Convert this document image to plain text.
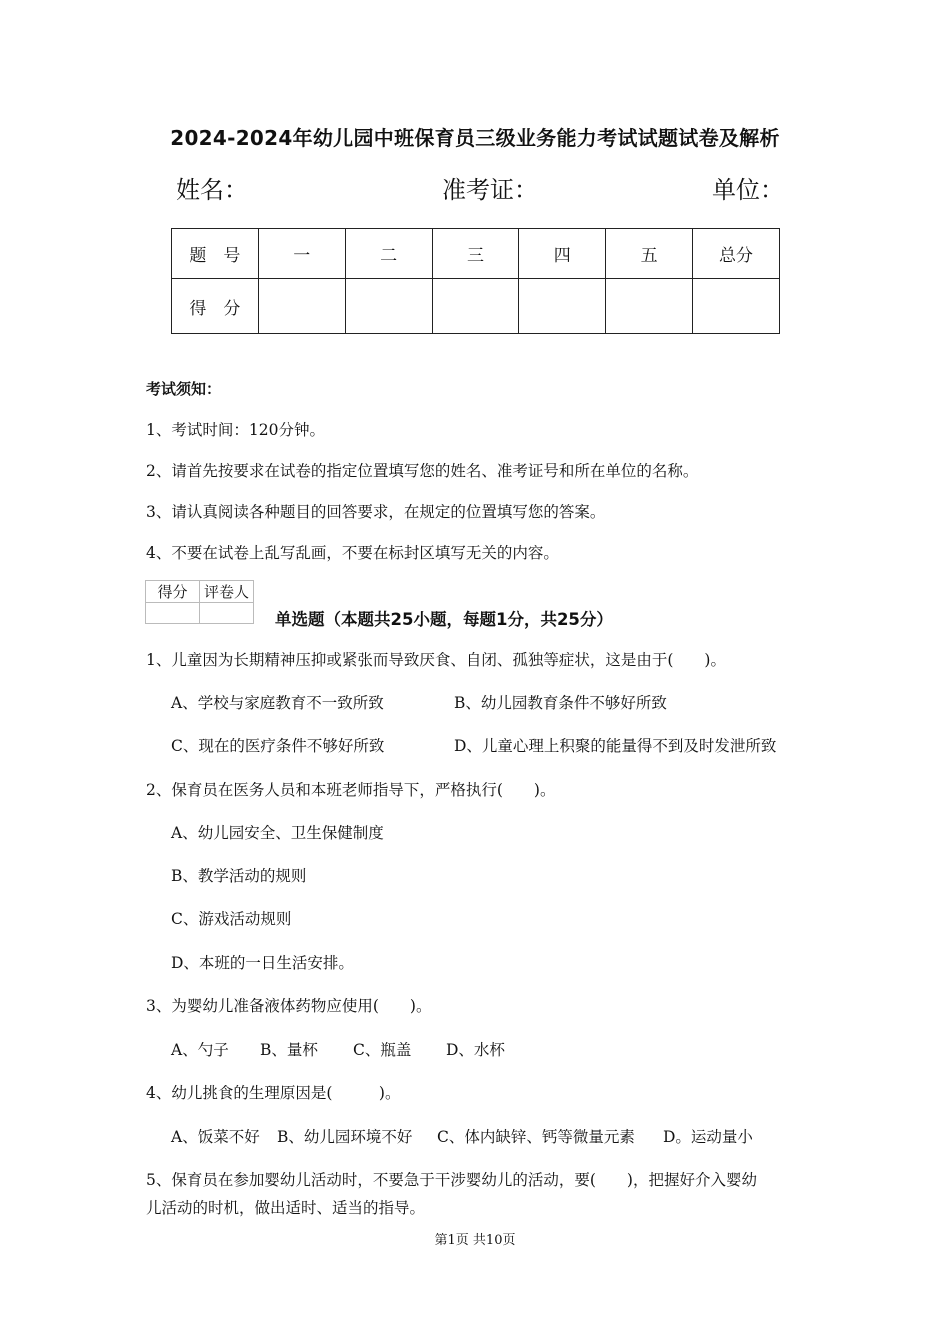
2024-2024年幼儿园中班保育员三级业务能力考试试题试卷及解析
姓名：	准考证：	单位：
题　号	一	二	三	四	五	总分
得　分						
考试须知：
1、考试时间：120分钟。
2、请首先按要求在试卷的指定位置填写您的姓名、准考证号和所在单位的名称。
3、请认真阅读各种题目的回答要求，在规定的位置填写您的答案。
4、不要在试卷上乱写乱画，不要在标封区填写无关的内容。
得分	评卷人

单选题（本题共25小题，每题1分，共25分）
1、儿童因为长期精神压抑或紧张而导致厌食、自闭、孤独等症状，这是由于(　　)。
A、学校与家庭教育不一致所致	B、幼儿园教育条件不够好所致
C、现在的医疗条件不够好所致	D、儿童心理上积聚的能量得不到及时发泄所致
2、保育员在医务人员和本班老师指导下，严格执行(　　)。
A、幼儿园安全、卫生保健制度
B、教学活动的规则
C、游戏活动规则
D、本班的一日生活安排。
3、为婴幼儿准备液体药物应使用(　　)。
A、勺子 B、量杯 C、瓶盖 D、水杯
4、幼儿挑食的生理原因是(　　　)。
A、饭菜不好 B、幼儿园环境不好 C、体内缺锌、钙等微量元素 D。运动量小
5、保育员在参加婴幼儿活动时，不要急于干涉婴幼儿的活动，要(　　)，把握好介入婴幼
儿活动的时机，做出适时、适当的指导。
第1页 共10页
